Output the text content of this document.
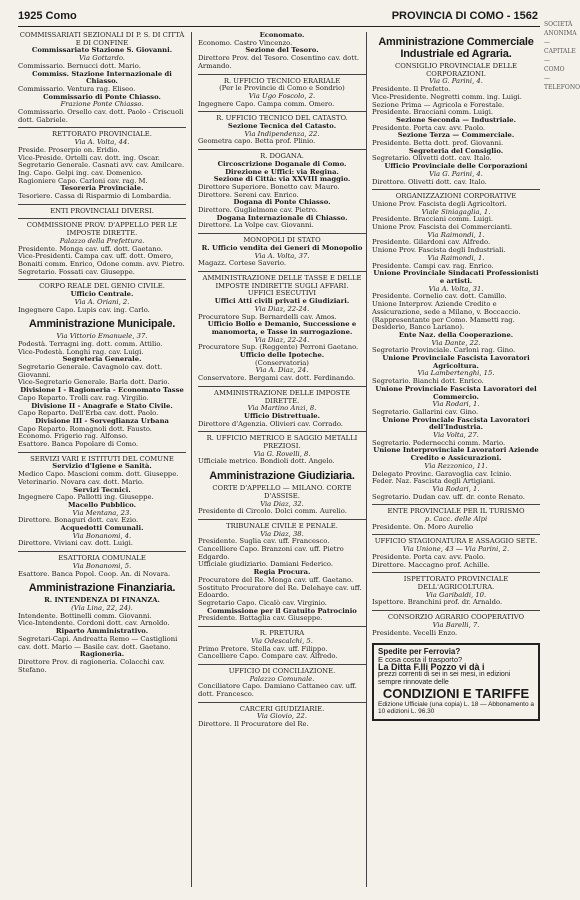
1925 Como	PROVINCIA DI COMO - 1562

COMMISSARIATI SEZIONALI DI P. S. DI CITTÀ E DI CONFINE

Commissariato Stazione S. Giovanni.

Via Gottardo.

Commissario. Bernucci dott. Mario.

Commiss. Stazione Internazionale di Chiasso.

Commissario. Ventura rag. Eliseo.

Commissario di Ponte Chiasso.

Frazione Ponte Chiasso.

Commissario. Orsello cav. dott. Paolo - Criscuoli dott. Gabriele.

RETTORATO PROVINCIALE.

Via A. Volta, 44.

Preside. Proserpio on. Eridio.

Vice-Preside. Ortelli cav. dott. ing. Oscar.

Segretario Generale. Casnati avv. cav. Amilcare.

Ing. Capo. Gelpi ing. cav. Domenico.

Ragioniere Capo. Carloni cav. rag. M.

Tesoreria Provinciale.

Tesoriere. Cassa di Risparmio di Lombardia.

ENTI PROVINCIALI DIVERSI.

COMMISSIONE PROV. D'APPELLO PER LE IMPOSTE DIRETTE.

Palazzo della Prefettura.

Presidente. Monga cav. uff. dott. Gaetano.

Vice-Presidenti. Campa cav. uff. dott. Omero, Bonaiti comm. Enrico, Odone comm. avv. Pietro.

Segretario. Fossati cav. Giuseppe.

CORPO REALE DEL GENIO CIVILE.

Ufficio Centrale.

Via A. Oriani, 2.

Ingegnere Capo. Lupis cav. ing. Carlo.

Amministrazione Municipale.

Via Vittorio Emanuele, 37.

Podestà. Terragni ing. dott. comm. Attilio.

Vice-Podestà. Longhi rag. cav. Luigi.

Segreteria Generale.

Segretario Generale. Cavagnolo cav. dott. Giovanni.

Vice-Segretario Generale. Barla dott. Dario.

Divisione I - Ragioneria - Economato Tasse

Capo Reparto. Trolli cav. rag. Virgilio.

Divisione II - Anagrafe e Stato Civile.

Capo Reparto. Dell'Erba cav. dott. Paolo.

Divisione III - Sorveglianza Urbana

Capo Reparto. Romagnoli dott. Fausto.

Economo. Frigerio rag. Alfonso.

Esattore. Banca Popolare di Como.

SERVIZI VARI E ISTITUTI DEL COMUNE

Servizio d'Igiene e Sanità.

Medico Capo. Mascioni comm. dott. Giuseppe.

Veterinario. Novara cav. dott. Mario.

Servizi Tecnici.

Ingegnere Capo. Pallotti ing. Giuseppe.

Macello Pubblico.

Via Mentana, 23.

Direttore. Bonaguri dott. cav. Ezio.

Acquedotti Comunali.

Via Bonanomi, 4.

Direttore. Viviani cav. dott. Luigi.

ESATTORIA COMUNALE

Via Bonanomi, 5.

Esattore. Banca Popol. Coop. An. di Novara.

Amministrazione Finanziaria.

R. INTENDENZA DI FINANZA.

(Via Lina, 22, 24).

Intendente. Bottinelli comm. Giovanni.

Vice-Intendente. Cordoni dott. cav. Arnoldo.

Riparto Amministrativo.

Segretari-Capi. Andreatta Remo — Castiglioni cav. dott. Mario — Basile cav. dott. Gaetano.

Ragioneria.

Direttore Prov. di ragioneria. Colacchi cav. Stefano.

Economato.

Economo. Castro Vincenzo.

Sezione del Tesoro.

Direttore Prov. del Tesoro. Cosentino cav. dott. Armando.

R. UFFICIO TECNICO ERARIALE

(Per le Provincie di Como e Sondrio)

Via Ugo Foscolo, 2.

Ingegnere Capo. Campa comm. Omero.

R. UFFICIO TECNICO DEL CATASTO.

Sezione Tecnica del Catasto.

Via Indipendenza, 22.

Geometra capo. Betta prof. Plinio.

R. DOGANA.

Circoscrizione Doganale di Como.

Direzione e Uffici: via Regina.

Sezione di Città: via XXVIII maggio.

Direttore Superiore. Bonetto cav. Mauro.

Direttore. Sereni cav. Enrico.

Dogana di Ponte Chiasso.

Direttore. Guglielmone cav. Pietro.

Dogana Internazionale di Chiasso.

Direttore. La Volpe cav. Giovanni.

MONOPOLI DI STATO

R. Ufficio vendita dei Generi di Monopolio

Via A. Volta, 37.

Magazz. Cortese Saverio.

AMMINISTRAZIONE DELLE TASSE E DELLE IMPOSTE INDIRETTE SUGLI AFFARI.

UFFICI ESECUTIVI

Uffici Atti civili privati e Giudiziari.

Via Diaz, 22-24.

Procuratore Sup. Bernardelli cav. Amos.

Ufficio Bollo e Demanio, Successione e manomorta, e Tasse in surrogazione.

Via Diaz, 22-24.

Procuratore Sup. (Reggente) Perroni Gaetano.

Ufficio delle Ipoteche.

(Conservatoria)

Via A. Diaz, 24.

Conservatore. Bergami cav. dott. Ferdinando.

AMMINISTRAZIONE DELLE IMPOSTE DIRETTE.

Via Martino Anzi, 8.

Ufficio Distrettuale.

Direttore d'Agenzia. Olivieri cav. Corrado.

R. UFFICIO METRICO E SAGGIO METALLI PREZIOSI.

Via G. Rovelli, 8.

Ufficiale metrico. Bondioli dott. Angelo.

Amministrazione Giudiziaria.

CORTE D'APPELLO — MILANO. CORTE D'ASSISE.

Via Diaz, 32.

Presidente di Circolo. Dolci comm. Aurelio.

TRIBUNALE CIVILE E PENALE.

Via Diaz, 38.

Presidente. Suglia cav. uff. Francesco.

Cancelliere Capo. Branzoni cav. uff. Pietro Edgardo.

Ufficiale giudiziario. Damiani Federico.

Regia Procura.

Procuratore del Re. Monga cav. uff. Gaetano.

Sostituto Procuratore del Re. Delehaye cav. uff. Edoardo.

Segretario Capo. Cicalò cav. Virginio.

Commissione per il Gratuito Patrocinio

Presidente. Battaglia cav. Giuseppe.

R. PRETURA

Via Odescalchi, 5.

Primo Pretore. Stella cav. uff. Filippo.

Cancelliere Capo. Compare cav. Alfredo.

UFFICIO DI CONCILIAZIONE.

Palazzo Comunale.

Conciliatore Capo. Damiano Cattaneo cav. uff. dott. Francesco.

CARCERI GIUDIZIARIE.

Via Giovio, 22.

Direttore. Il Procuratore del Re.

Amministrazione Commerciale Industriale ed Agraria.

CONSIGLIO PROVINCIALE DELLE CORPORAZIONI.

Via G. Parini, 4.

Presidente. Il Prefetto.

Vice-Presidente. Negretti comm. ing. Luigi.

Sezione Prima — Agricola e Forestale.

Presidente. Bracciani comm. Luigi.

Sezione Seconda — Industriale.

Presidente. Porta cav. avv. Paolo.

Sezione Terza — Commerciale.

Presidente. Betta dott. prof. Giovanni.

Segreteria del Consiglio.

Segretario. Olivetti dott. cav. Italo.

Ufficio Provinciale delle Corporazioni

Via G. Parini, 4.

Direttore. Olivetti dott. cav. Italo.

ORGANIZZAZIONI CORPORATIVE

Unione Prov. Fascista degli Agricoltori.

Viale Siniagaglia, 1.

Presidente. Bracciani comm. Luigi.

Unione Prov. Fascista dei Commercianti.

Via Raimondi, 1.

Presidente. Gilardoni cav. Alfredo.

Unione Prov. Fascista degli Industriali.

Via Raimondi, 1.

Presidente. Campi cav. rag. Enrico.

Unione Provinciale Sindacati Professionisti e artisti.

Via A. Volta, 31.

Presidente. Cornelio cav. dott. Camillo.

Unione Interprov. Aziende Credito e Assicurazione, sede a Milano, v. Boccaccio. (Rappresentante per Como. Mametti rag. Desiderio, Banco Lariano).

Ente Naz. della Cooperazione.

Via Dante, 22.

Segretario Provinciale. Carloni rag. Gino.

Unione Provinciale Fascista Lavoratori Agricoltura.

Via Lambertenghi, 15.

Segretario. Bianchi dott. Enrico.

Unione Provinciale Fascista Lavoratori del Commercio.

Via Rodari, 1.

Segretario. Gallarini cav. Gino.

Unione Provinciale Fascista Lavoratori dell'Industria.

Via Volta, 27.

Segretario. Pedernecchi comm. Mario.

Unione Interprovinciale Lavoratori Aziende Credito e Assicurazioni.

Via Rezzonico, 11.

Delegato Provinc. Garavoglia cav. Icinio.

Feder. Naz. Fascista degli Artigiani.

Via Rodari, 1.

Segretario. Dudan cav. uff. dr. conte Renato.

ENTE PROVINCIALE PER IL TURISMO

p. Cacc. delle Alpi

Presidente. On. Moro Aurelio

UFFICIO STAGIONATURA E ASSAGGIO SETE.

Via Unione, 43 — Via Parini, 2.

Presidente. Porta cav. avv. Paolo.

Direttore. Maccagno prof. Achille.

ISPETTORATO PROVINCIALE DELL'AGRICOLTURA.

Via Garibaldi, 10.

Ispettore. Branchini prof. dr. Arnaldo.

CONSORZIO AGRARIO COOPERATIVO

Via Barelli, 7.

Presidente. Vecelli Enzo.

Spedite per Ferrovia?
E cosa costa il trasporto?
La Ditta F.lli Pozzo vi dà i
prezzi correnti di sei in sei mesi, in edizioni sempre rinnovate delle
CONDIZIONI E TARIFFE
Edizione Ufficiale (una copia) L. 18 — Abbonamento a 10 edizioni L. 96.30
SOCIETÀ ANONIMA — CAPITALE — COMO — TELEFONO
